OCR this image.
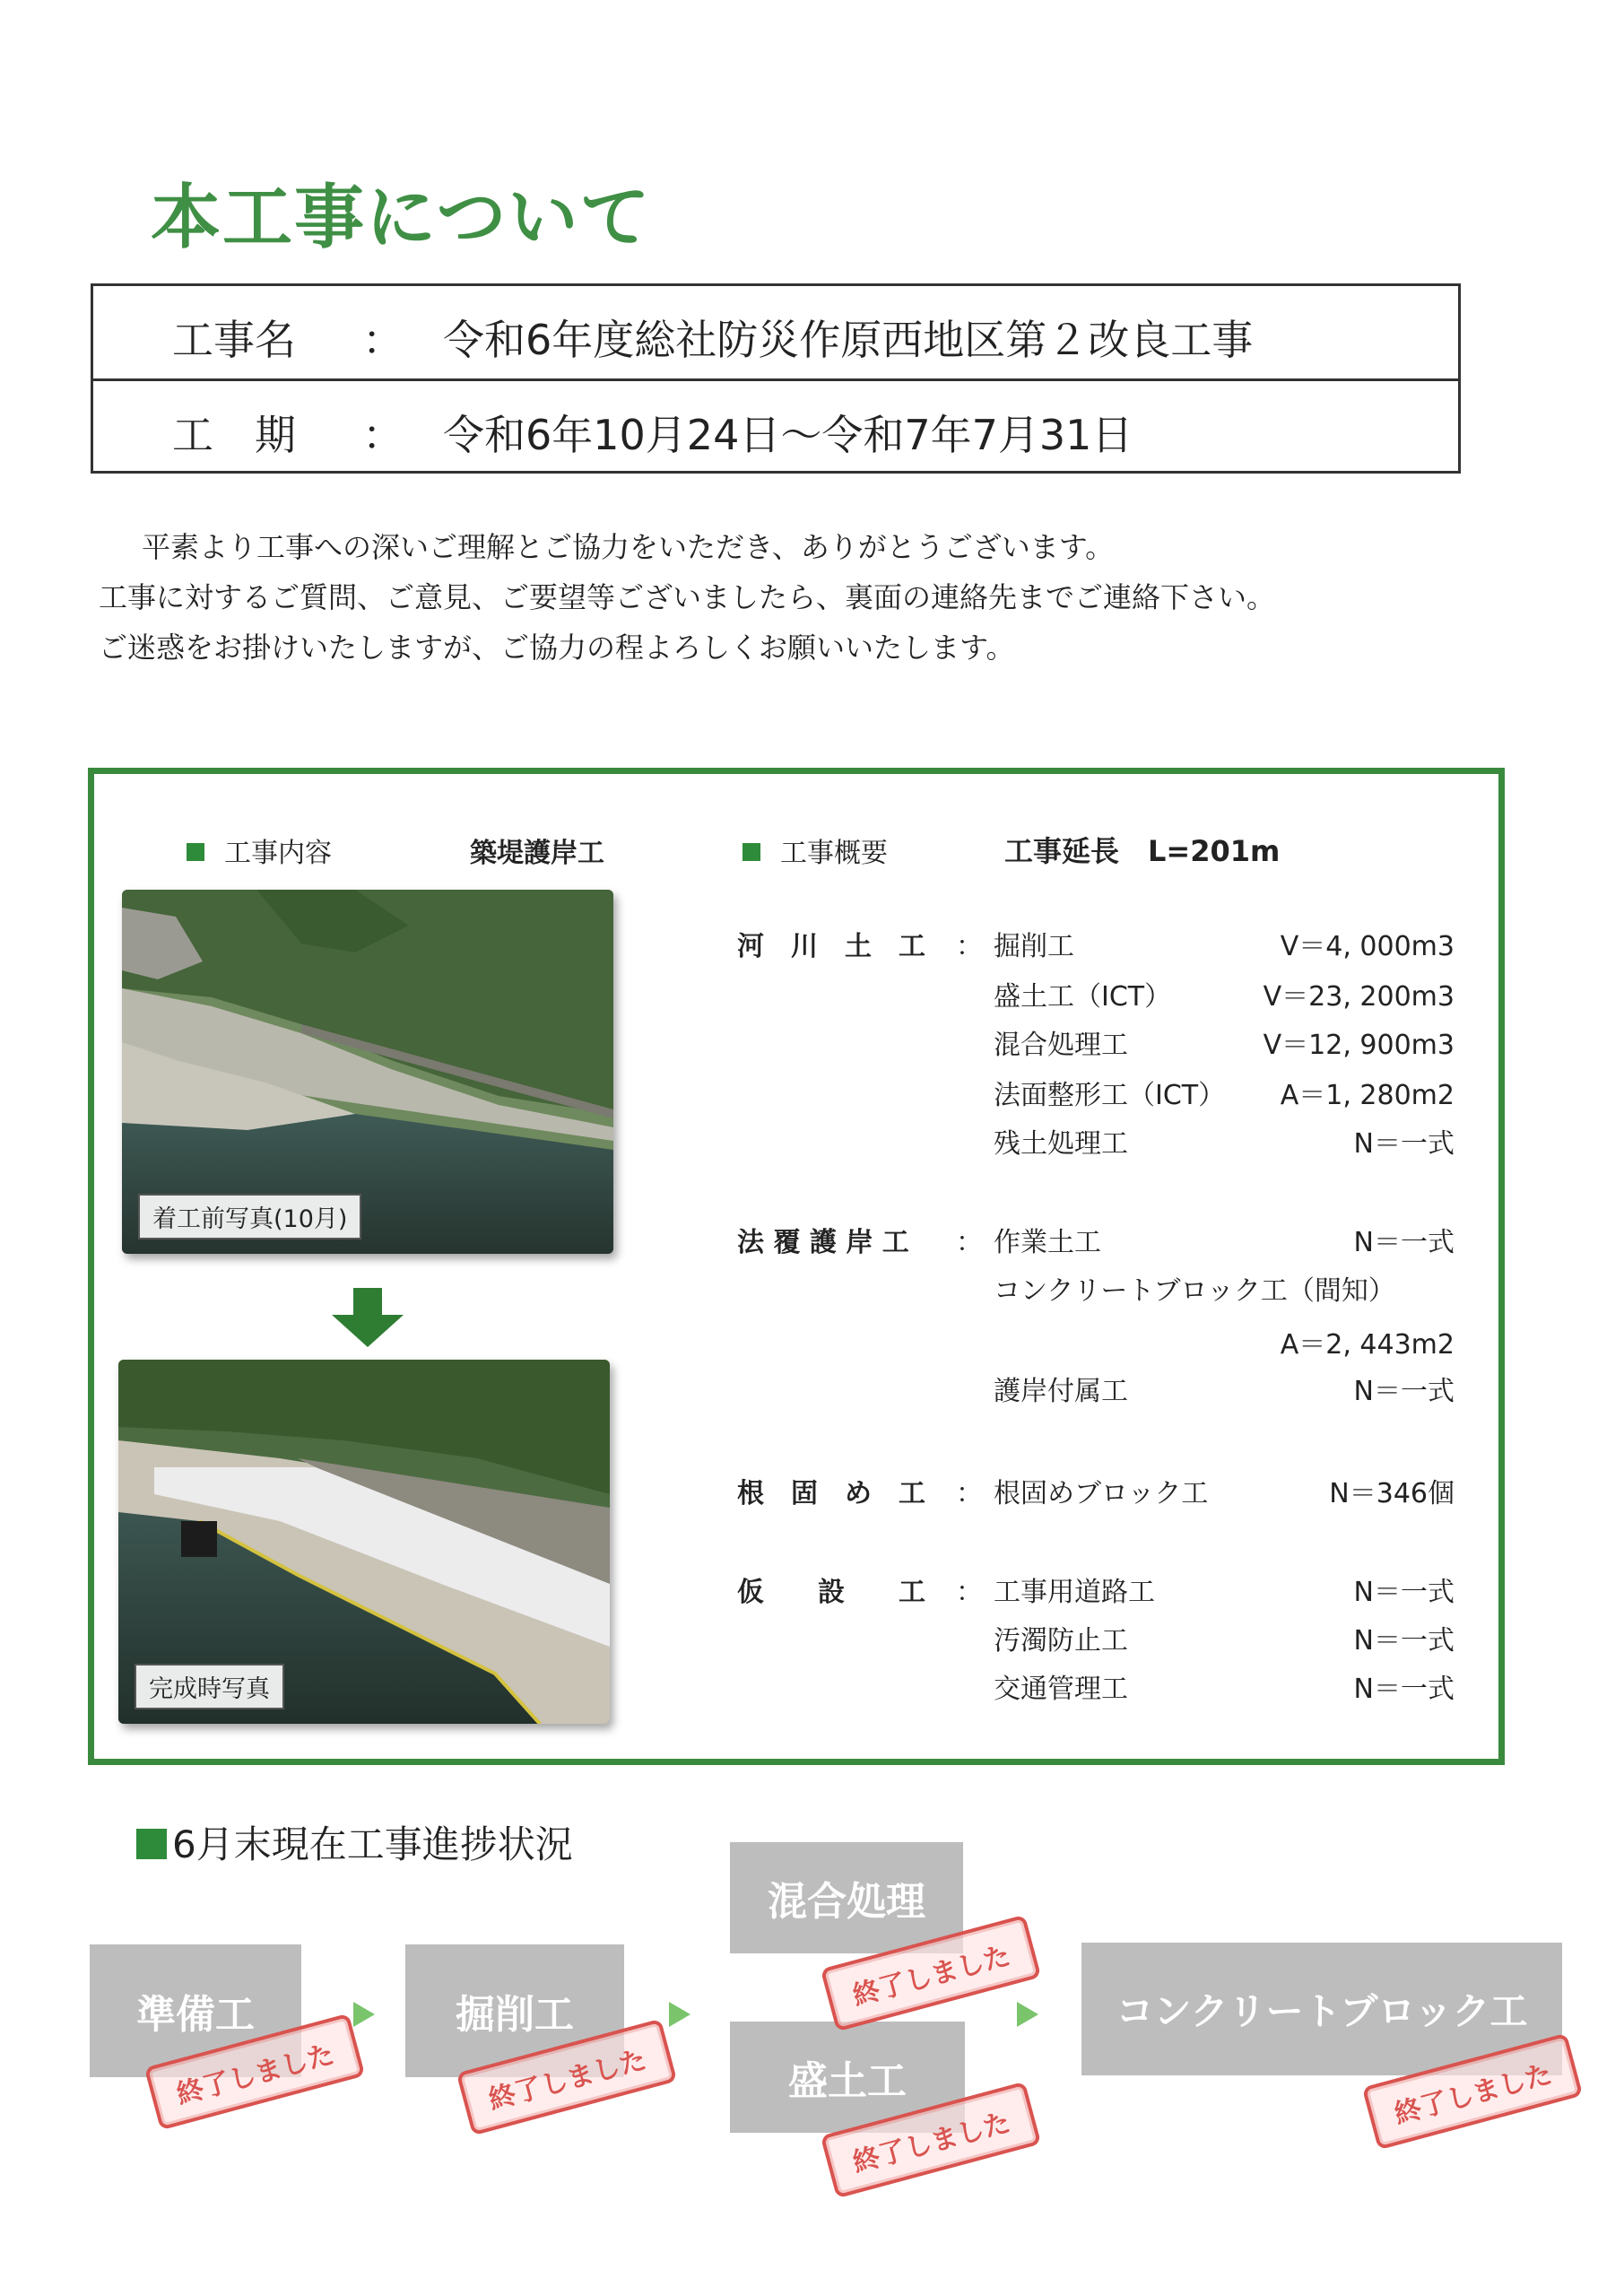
本工事について
工事名 ： 令和6年度総社防災作原西地区第２改良工事
工　期 ： 令和6年10月24日～令和7年7月31日

平素より工事への深いご理解とご協力をいただき、ありがとうございます。

工事に対するご質問、ご意見、ご要望等ございましたら、裏面の連絡先までご連絡下さい。

ご迷惑をお掛けいたしますが、ご協力の程よろしくお願いいたします。

工事内容	築堤護岸工
着工前写真(10月)
完成時写真
工事概要	工事延長　L=201m
河　川　土　工 ： 掘削工	V＝4, 000m3
盛土工（ICT）	V＝23, 200m3
混合処理工	V＝12, 900m3
法面整形工（ICT）	A＝1, 280m2
残土処理工	N＝一式
法 覆 護 岸 工 ： 作業土工	N＝一式
コンクリートブロック工（間知）
A＝2, 443m2
護岸付属工	N＝一式
根　固　め　工 ： 根固めブロック工	N＝346個
仮　　設　　工 ： 工事用道路工	N＝一式
汚濁防止工	N＝一式
交通管理工	N＝一式
6月末現在工事進捗状況
準備工	掘削工
混合処理
盛土工
コンクリートブロック工
終了しました	終了しました
終了しました
終了しました
終了しました
